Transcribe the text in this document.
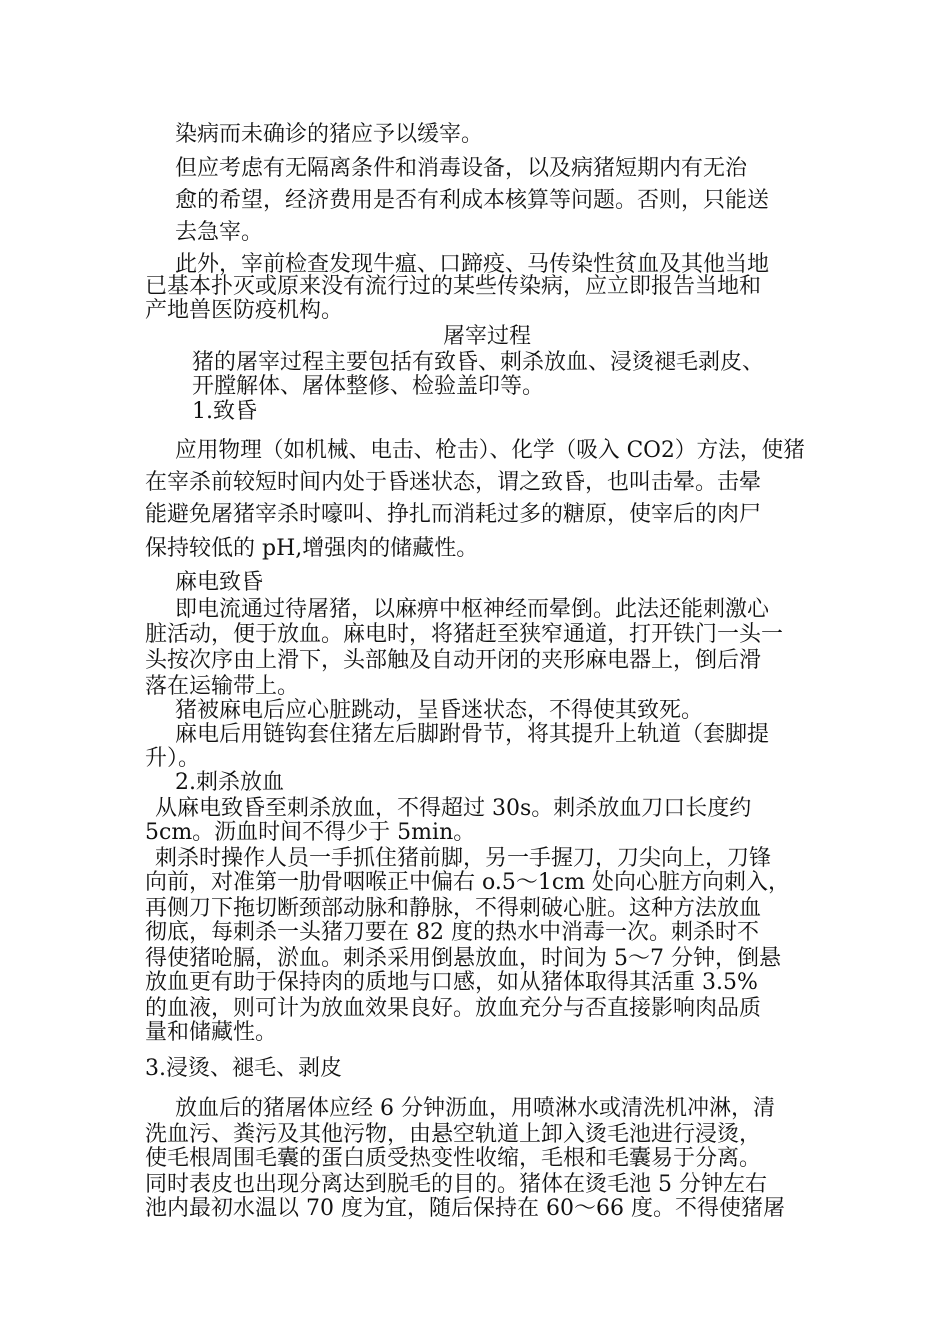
染病而未确诊的猪应予以缓宰。
但应考虑有无隔离条件和消毒设备，以及病猪短期内有无治
愈的希望，经济费用是否有利成本核算等问题。否则，只能送
去急宰。
此外，宰前检查发现牛瘟、口蹄疫、马传染性贫血及其他当地
已基本扑灭或原来没有流行过的某些传染病，应立即报告当地和
产地兽医防疫机构。
屠宰过程
猪的屠宰过程主要包括有致昏、刺杀放血、浸烫褪毛剥皮、
开膛解体、屠体整修、检验盖印等。
1.致昏
应用物理（如机械、电击、枪击）、化学（吸入 CO2）方法，使猪
在宰杀前较短时间内处于昏迷状态，谓之致昏，也叫击晕。击晕
能避免屠猪宰杀时嚎叫、挣扎而消耗过多的糖原，使宰后的肉尸
保持较低的 pH,增强肉的储藏性。
麻电致昏
即电流通过待屠猪，以麻痹中枢神经而晕倒。此法还能刺激心
脏活动，便于放血。麻电时，将猪赶至狭窄通道，打开铁门一头一
头按次序由上滑下，头部触及自动开闭的夹形麻电器上，倒后滑
落在运输带上。
猪被麻电后应心脏跳动，呈昏迷状态，不得使其致死。
麻电后用链钩套住猪左后脚跗骨节，将其提升上轨道（套脚提
升）。
2.刺杀放血
从麻电致昏至刺杀放血，不得超过 30s。刺杀放血刀口长度约
5cm。沥血时间不得少于 5min。
刺杀时操作人员一手抓住猪前脚，另一手握刀，刀尖向上，刀锋
向前，对准第一肋骨咽喉正中偏右 o.5～1cm 处向心脏方向刺入，
再侧刀下拖切断颈部动脉和静脉，不得刺破心脏。这种方法放血
彻底，每刺杀一头猪刀要在 82 度的热水中消毒一次。刺杀时不
得使猪呛膈，淤血。刺杀采用倒悬放血，时间为 5～7 分钟，倒悬
放血更有助于保持肉的质地与口感，如从猪体取得其活重 3.5%
的血液，则可计为放血效果良好。放血充分与否直接影响肉品质
量和储藏性。
3.浸烫、褪毛、剥皮
放血后的猪屠体应经 6 分钟沥血，用喷淋水或清洗机冲淋，清
洗血污、粪污及其他污物，由悬空轨道上卸入烫毛池进行浸烫，
使毛根周围毛囊的蛋白质受热变性收缩，毛根和毛囊易于分离。
同时表皮也出现分离达到脱毛的目的。猪体在烫毛池 5 分钟左右
池内最初水温以 70 度为宜，随后保持在 60～66 度。不得使猪屠
